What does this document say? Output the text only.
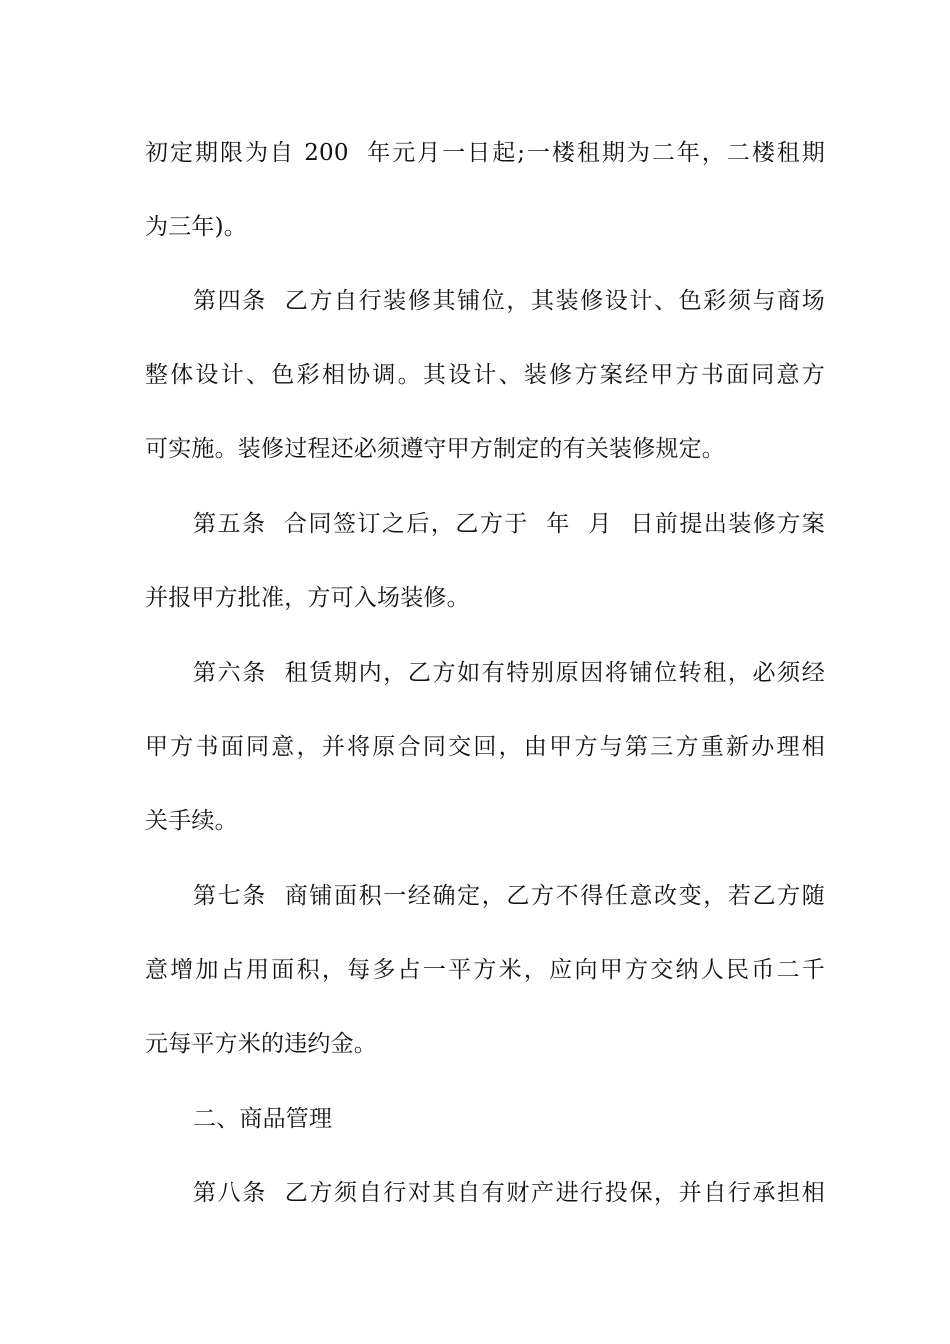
初定期限为自 200  年元月一日起;一楼租期为二年，二楼租期
为三年)。
第四条  乙方自行装修其铺位，其装修设计、色彩须与商场
整体设计、色彩相协调。其设计、装修方案经甲方书面同意方
可实施。装修过程还必须遵守甲方制定的有关装修规定。
第五条  合同签订之后，乙方于  年  月  日前提出装修方案
并报甲方批准，方可入场装修。
第六条  租赁期内，乙方如有特别原因将铺位转租，必须经
甲方书面同意，并将原合同交回，由甲方与第三方重新办理相
关手续。
第七条  商铺面积一经确定，乙方不得任意改变，若乙方随
意增加占用面积，每多占一平方米，应向甲方交纳人民币二千
元每平方米的违约金。
二、商品管理
第八条  乙方须自行对其自有财产进行投保，并自行承担相
